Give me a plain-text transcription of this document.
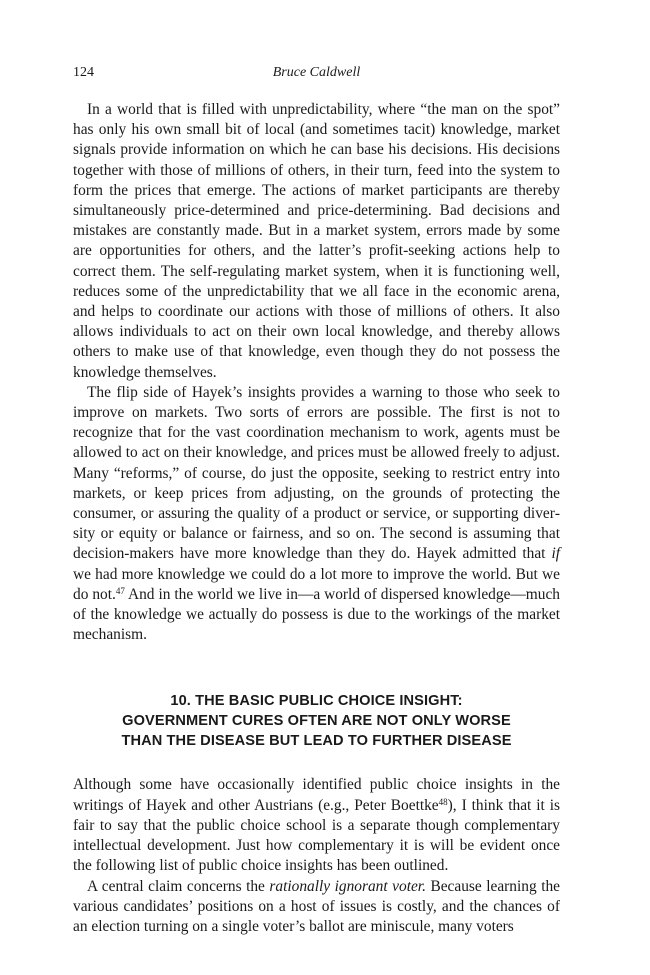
124	Bruce Caldwell

In a world that is filled with unpredictability, where “the man on the spot” has only his own small bit of local (and sometimes tacit) knowledge, market signals provide information on which he can base his decisions. His decisions together with those of millions of others, in their turn, feed into the system to form the prices that emerge. The actions of market participants are thereby simultaneously price-determined and price-determining. Bad decisions and mistakes are constantly made. But in a market system, errors made by some are opportunities for others, and the latter’s profit-seeking actions help to correct them. The self-regulating market system, when it is functioning well, reduces some of the unpredictability that we all face in the economic arena, and helps to coordinate our actions with those of millions of others. It also allows individuals to act on their own local knowledge, and thereby allows others to make use of that knowledge, even though they do not possess the knowledge themselves.

The flip side of Hayek’s insights provides a warning to those who seek to improve on markets. Two sorts of errors are possible. The first is not to recognize that for the vast coordination mechanism to work, agents must be allowed to act on their knowledge, and prices must be allowed freely to adjust. Many “reforms,” of course, do just the opposite, seeking to restrict entry into markets, or keep prices from adjusting, on the grounds of protecting the consumer, or assuring the quality of a product or service, or supporting diversity or equity or balance or fairness, and so on. The second is assuming that decision-makers have more knowledge than they do. Hayek admitted that if we had more knowledge we could do a lot more to improve the world. But we do not.$^{47}$ And in the world we live in—a world of dispersed knowledge—much of the knowledge we actually do possess is due to the workings of the market mechanism.

10. THE BASIC PUBLIC CHOICE INSIGHT:
GOVERNMENT CURES OFTEN ARE NOT ONLY WORSE
THAN THE DISEASE BUT LEAD TO FURTHER DISEASE

Although some have occasionally identified public choice insights in the writings of Hayek and other Austrians (e.g., Peter Boettke$^{48}$), I think that it is fair to say that the public choice school is a separate though complementary intellectual development. Just how complementary it is will be evident once the following list of public choice insights has been outlined.

A central claim concerns the rationally ignorant voter. Because learning the various candidates’ positions on a host of issues is costly, and the chances of an election turning on a single voter’s ballot are miniscule, many voters
